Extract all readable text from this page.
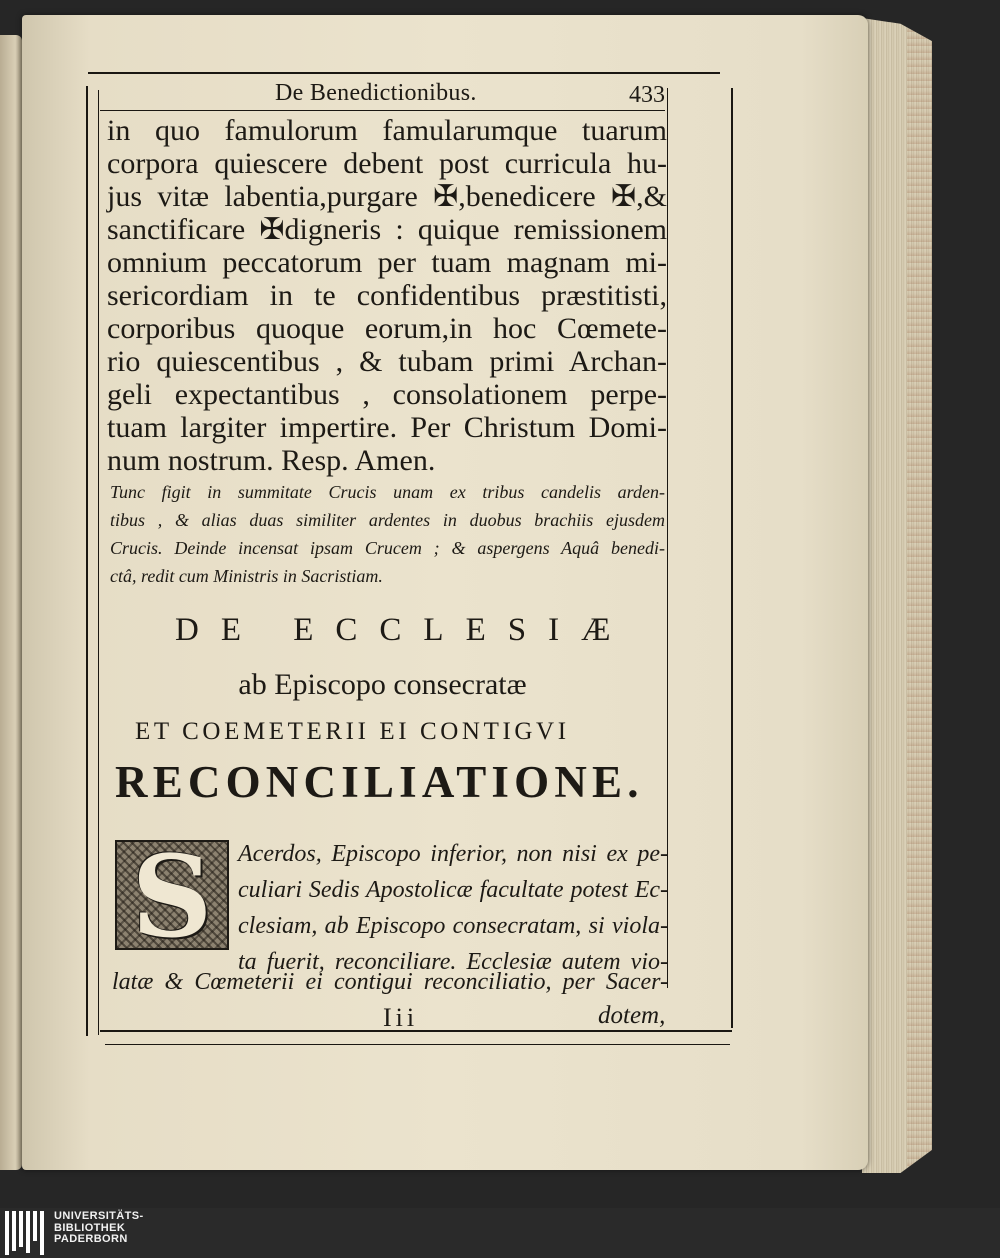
De Benedictionibus.	433
in quo famulorum famularumque tuarum
corpora quiescere debent post curricula hu-
jus vitæ labentia,purgare ✠,benedicere ✠,&
sanctificare ✠digneris : quique remissionem
omnium peccatorum per tuam magnam mi-
sericordiam in te confidentibus præstitisti,
corporibus quoque eorum,in hoc Cœmete-
rio quiescentibus , & tubam primi Archan-
geli expectantibus , consolationem perpe-
tuam largiter impertire. Per Christum Domi-
num nostrum. Resp. Amen.
Tunc figit in summitate Crucis unam ex tribus candelis arden-
tibus , & alias duas similiter ardentes in duobus brachiis ejusdem
Crucis. Deinde incensat ipsam Crucem ; & aspergens Aquâ benedi-
ctâ, redit cum Ministris in Sacristiam.
DE ECCLESIÆ
ab Episcopo consecratæ
ET COEMETERII EI CONTIGVI
RECONCILIATIONE.
S	Acerdos, Episcopo inferior, non nisi ex pe-
culiari Sedis Apostolicæ facultate potest Ec-
clesiam, ab Episcopo consecratam, si viola-
ta fuerit, reconciliare. Ecclesiæ autem vio-
latæ & Cœmeterii ei contigui reconciliatio, per Sacer-
Iii	dotem,
UNIVERSITÄTS-
BIBLIOTHEK
PADERBORN
